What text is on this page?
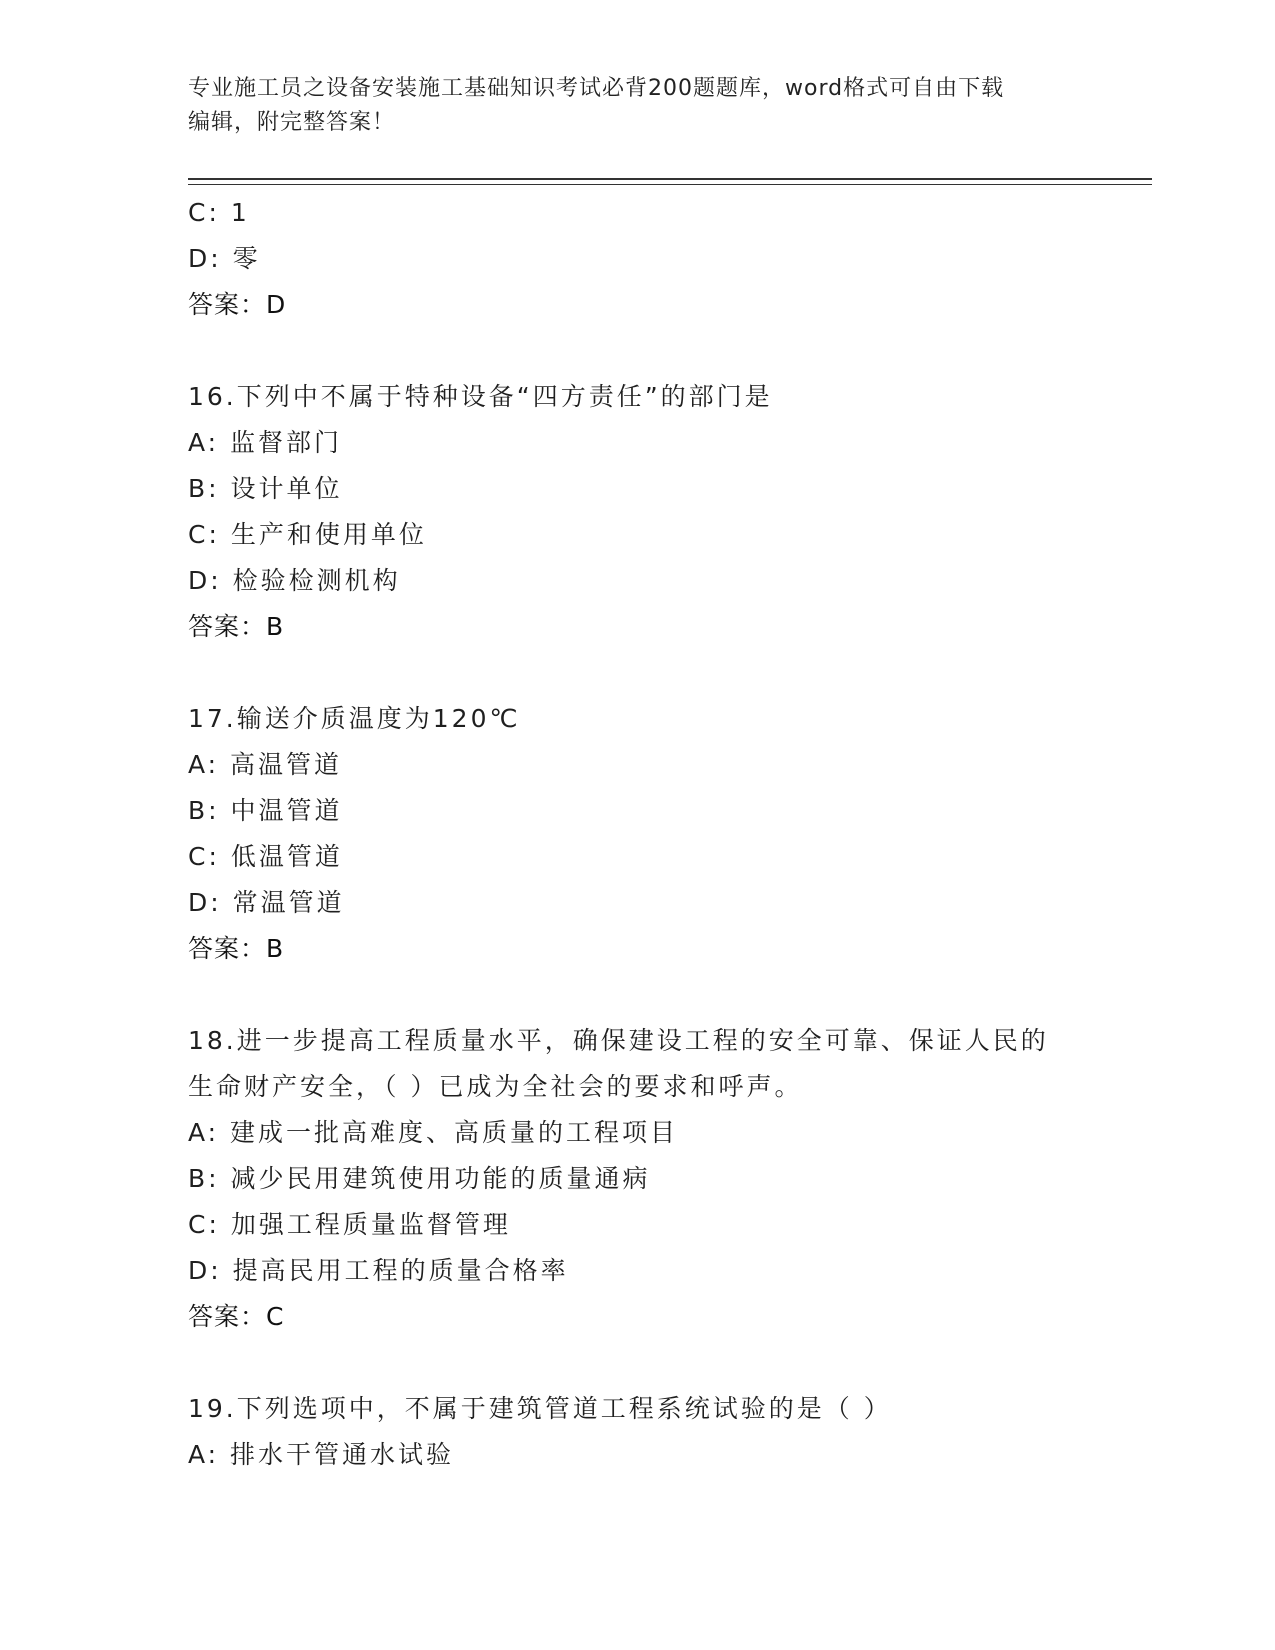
专业施工员之设备安装施工基础知识考试必背200题题库，word格式可自由下载
编辑，附完整答案！
C: 1
D: 零
答案：D
16.下列中不属于特种设备“四方责任”的部门是
A: 监督部门
B: 设计单位
C: 生产和使用单位
D: 检验检测机构
答案：B
17.输送介质温度为120℃
A: 高温管道
B: 中温管道
C: 低温管道
D: 常温管道
答案：B
18.进一步提高工程质量水平，确保建设工程的安全可靠、保证人民的
生命财产安全，（ ）已成为全社会的要求和呼声。
A: 建成一批高难度、高质量的工程项目
B: 减少民用建筑使用功能的质量通病
C: 加强工程质量监督管理
D: 提高民用工程的质量合格率
答案：C
19.下列选项中，不属于建筑管道工程系统试验的是（ ）
A: 排水干管通水试验
